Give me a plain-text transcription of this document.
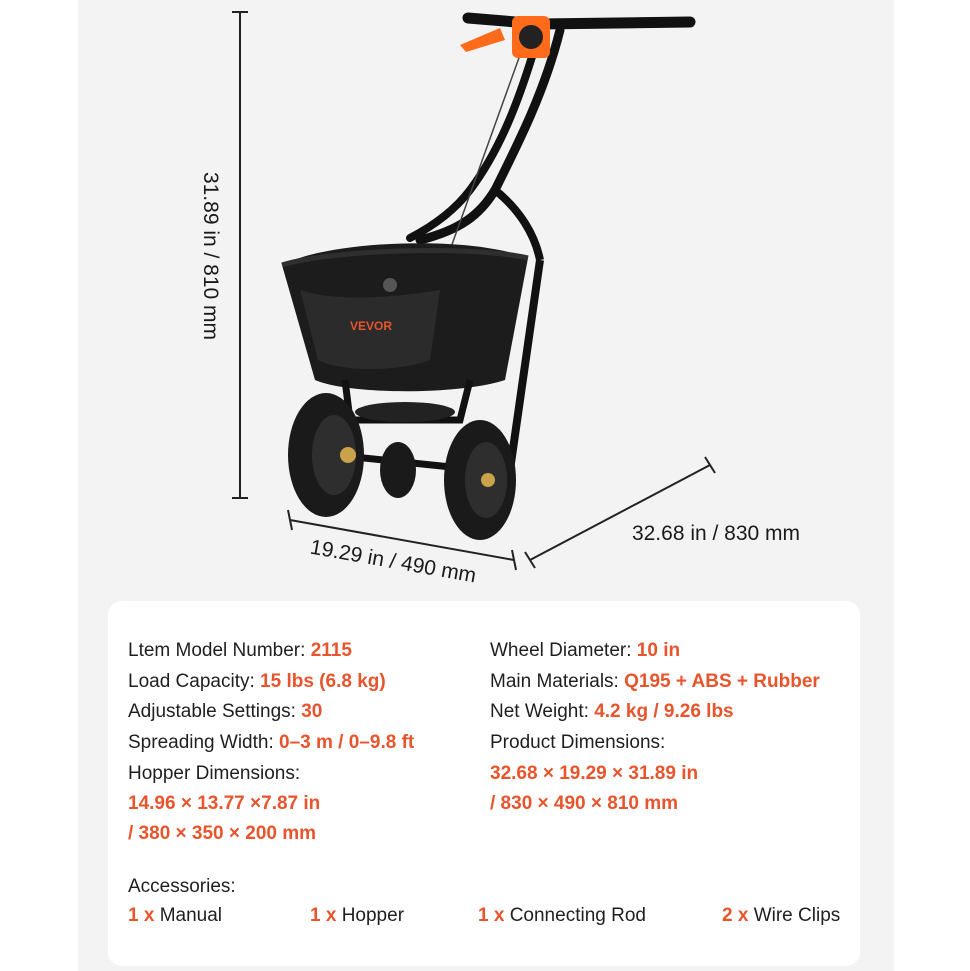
31.89 in / 810 mm
19.29 in / 490 mm
32.68 in / 830 mm
VEVOR
Ltem Model Number: 2115
Load Capacity: 15 lbs (6.8 kg)
Adjustable Settings: 30
Spreading Width: 0–3 m / 0–9.8 ft
Hopper Dimensions:
14.96 × 13.77 ×7.87 in
/ 380 × 350 × 200 mm
Wheel Diameter: 10 in
Main Materials: Q195 + ABS + Rubber
Net Weight: 4.2 kg / 9.26 lbs
Product Dimensions:
32.68 × 19.29 × 31.89 in
/ 830 × 490 × 810 mm
Accessories:
1 x Manual	1 x Hopper	1 x Connecting Rod	2 x Wire Clips
